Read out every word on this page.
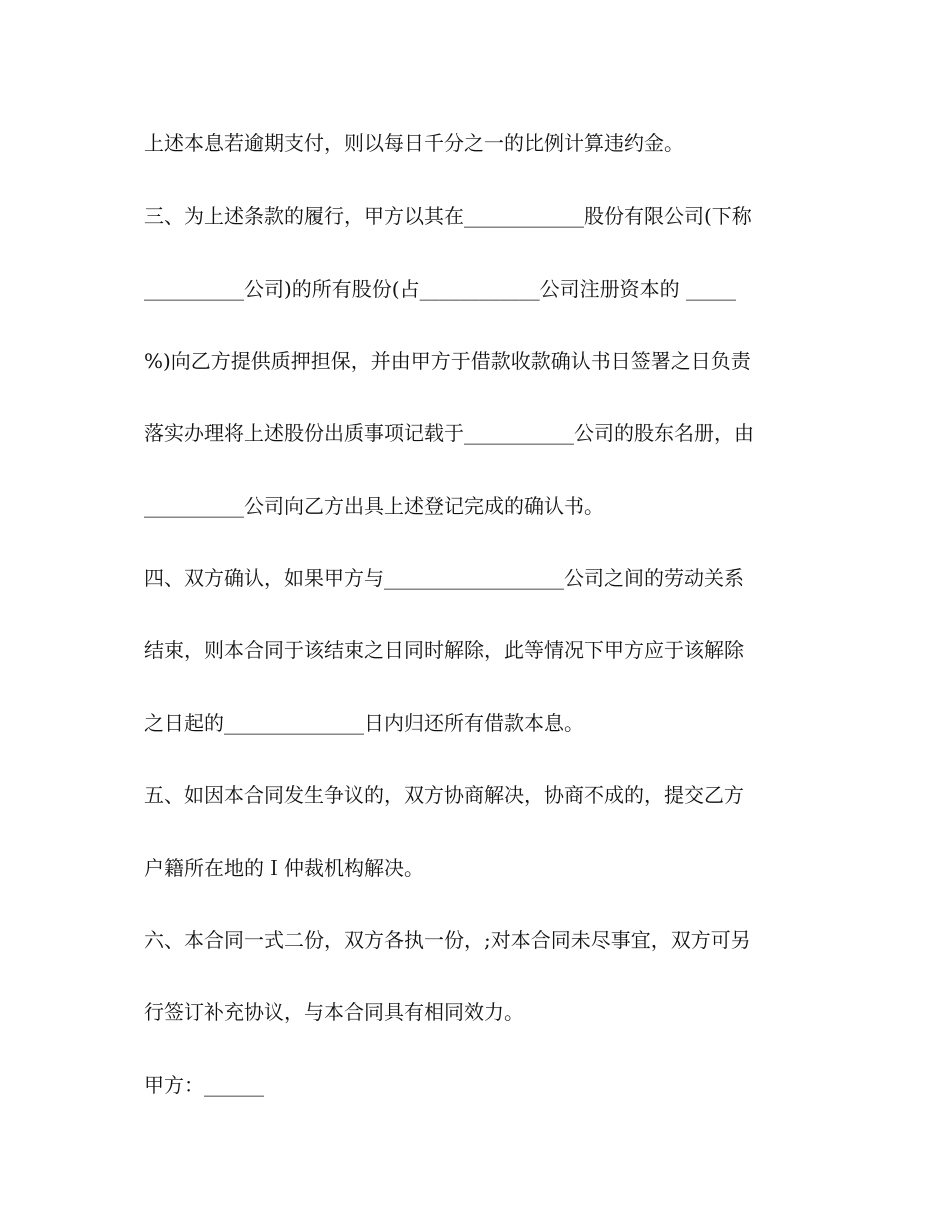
上述本息若逾期支付，则以每日千分之一的比例计算违约金。
三、为上述条款的履行，甲方以其在____________股份有限公司(下称
__________公司)的所有股份(占____________公司注册资本的 _____
%)向乙方提供质押担保，并由甲方于借款收款确认书日签署之日负责
落实办理将上述股份出质事项记载于___________公司的股东名册，由
__________公司向乙方出具上述登记完成的确认书。
四、双方确认，如果甲方与__________________公司之间的劳动关系
结束，则本合同于该结束之日同时解除，此等情况下甲方应于该解除
之日起的______________日内归还所有借款本息。
五、如因本合同发生争议的，双方协商解决，协商不成的，提交乙方
户籍所在地的Ｉ仲裁机构解决。
六、本合同一式二份，双方各执一份，;对本合同未尽事宜，双方可另
行签订补充协议，与本合同具有相同效力。
甲方：______
